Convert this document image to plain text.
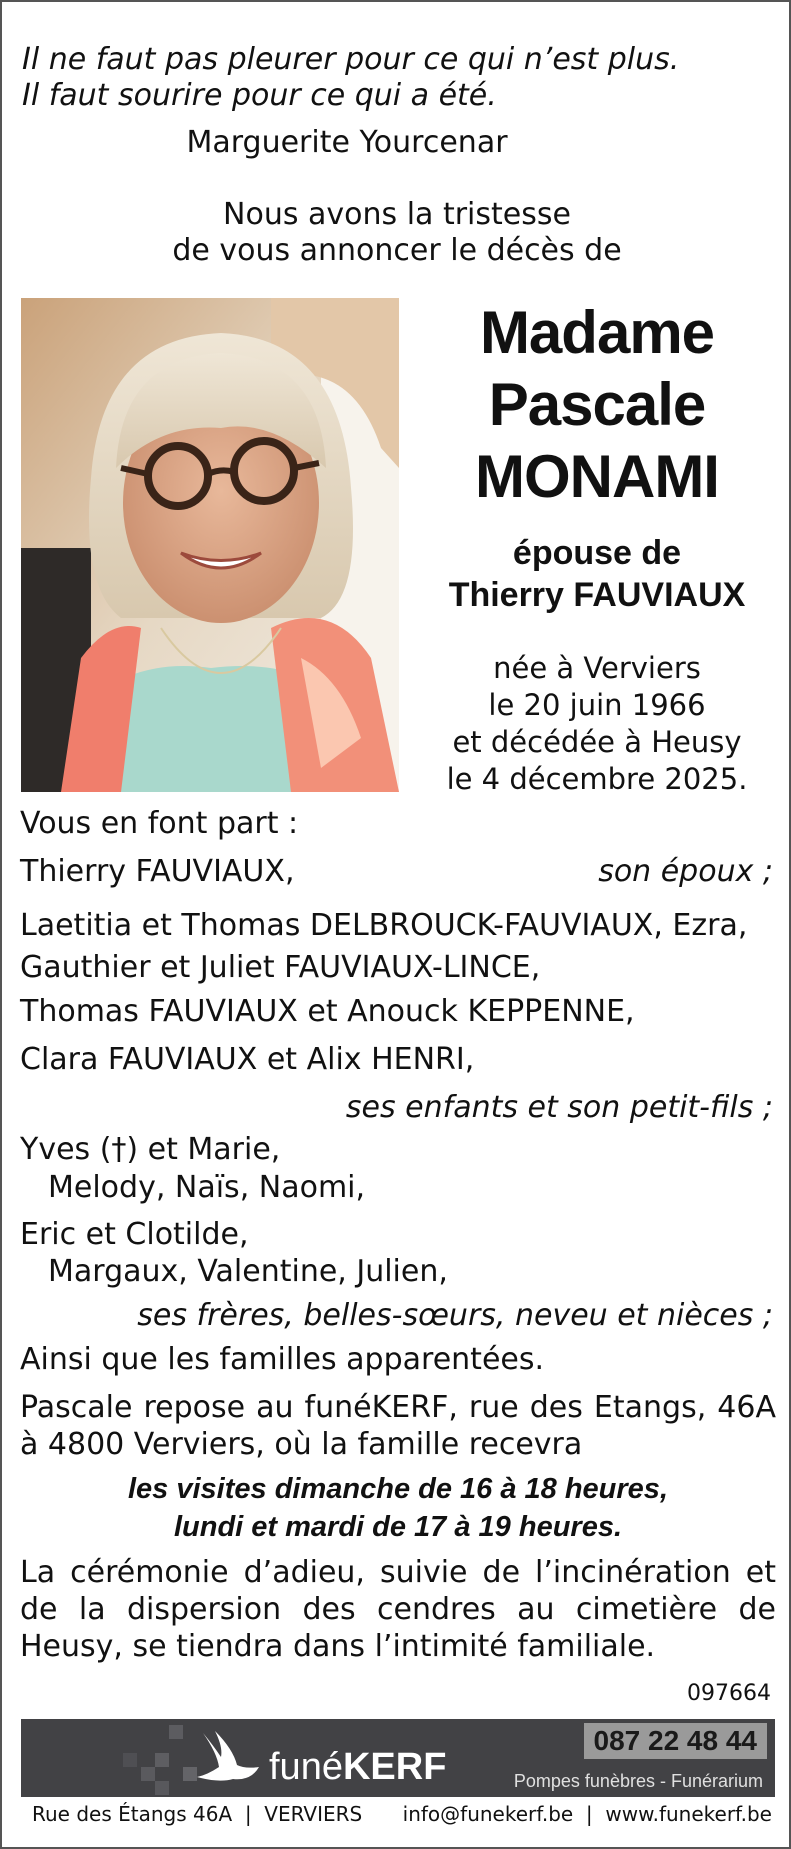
Il ne faut pas pleurer pour ce qui n’est plus.
Il faut sourire pour ce qui a été.
Marguerite Yourcenar
Nous avons la tristesse
de vous annoncer le décès de
Madame
Pascale
MONAMI
épouse de
Thierry FAUVIAUX
née à Verviers
le 20 juin 1966
et décédée à Heusy
le 4 décembre 2025.
Vous en font part :
Thierry FAUVIAUX,	son époux ;
Laetitia et Thomas DELBROUCK-FAUVIAUX, Ezra,
Gauthier et Juliet FAUVIAUX-LINCE,
Thomas FAUVIAUX et Anouck KEPPENNE,
Clara FAUVIAUX et Alix HENRI,
ses enfants et son petit-fils ;
Yves (†) et Marie,
Melody, Naïs, Naomi,
Eric et Clotilde,
Margaux, Valentine, Julien,
ses frères, belles-sœurs, neveu et nièces ;
Ainsi que les familles apparentées.
Pascale repose au funéKERF, rue des Etangs, 46A à 4800 Verviers, où la famille recevra
les visites dimanche de 16 à 18 heures,
lundi et mardi de 17 à 19 heures.
La cérémonie d’adieu, suivie de l’incinération et de la dispersion des cendres au cimetière de Heusy, se tiendra dans l’intimité familiale.
097664
funéKERF
087 22 48 44
Pompes funèbres - Funérarium
Rue des Étangs 46A  |  VERVIERS info@funekerf.be  |  www.funekerf.be
